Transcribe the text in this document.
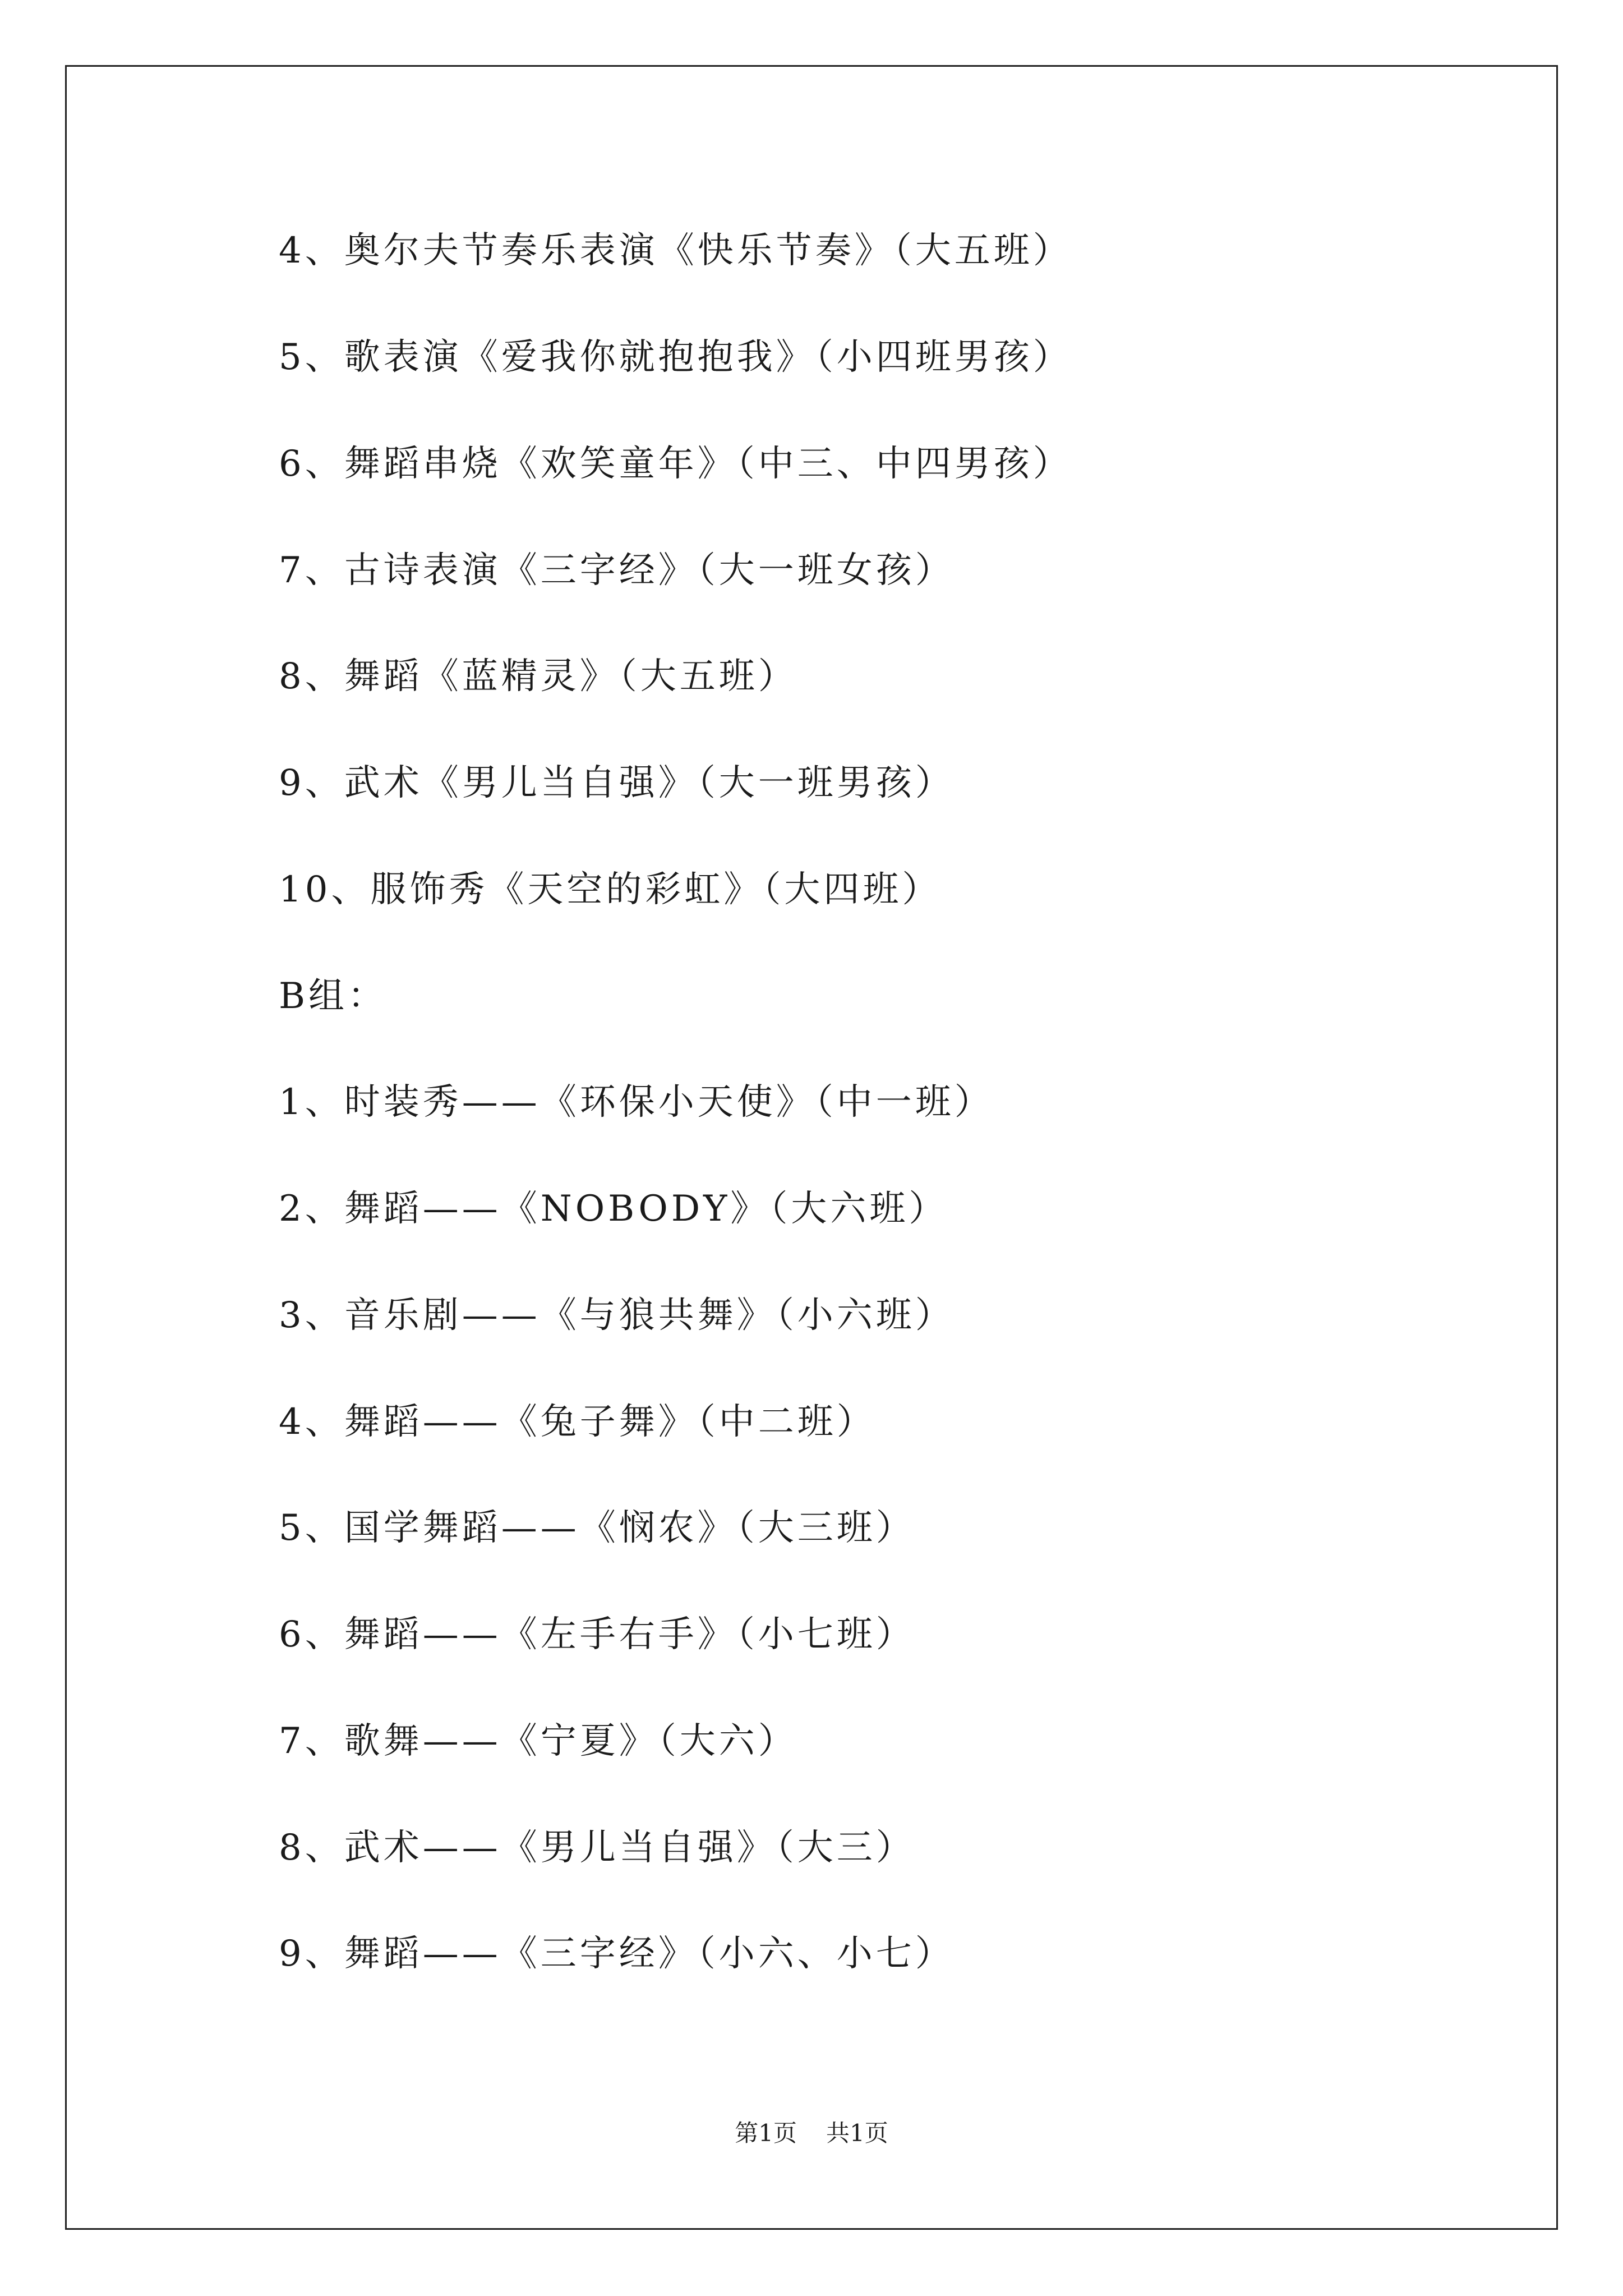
4、奥尔夫节奏乐表演《快乐节奏》（大五班）
5、歌表演《爱我你就抱抱我》（小四班男孩）
6、舞蹈串烧《欢笑童年》（中三、中四男孩）
7、古诗表演《三字经》（大一班女孩）
8、舞蹈《蓝精灵》（大五班）
9、武术《男儿当自强》（大一班男孩）
10、服饰秀《天空的彩虹》（大四班）
B组：
1、时装秀——《环保小天使》（中一班）
2、舞蹈——《NOBODY》（大六班）
3、音乐剧——《与狼共舞》（小六班）
4、舞蹈——《兔子舞》（中二班）
5、国学舞蹈——《悯农》（大三班）
6、舞蹈——《左手右手》（小七班）
7、歌舞——《宁夏》（大六）
8、武术——《男儿当自强》（大三）
9、舞蹈——《三字经》（小六、小七）
第1页 共1页
